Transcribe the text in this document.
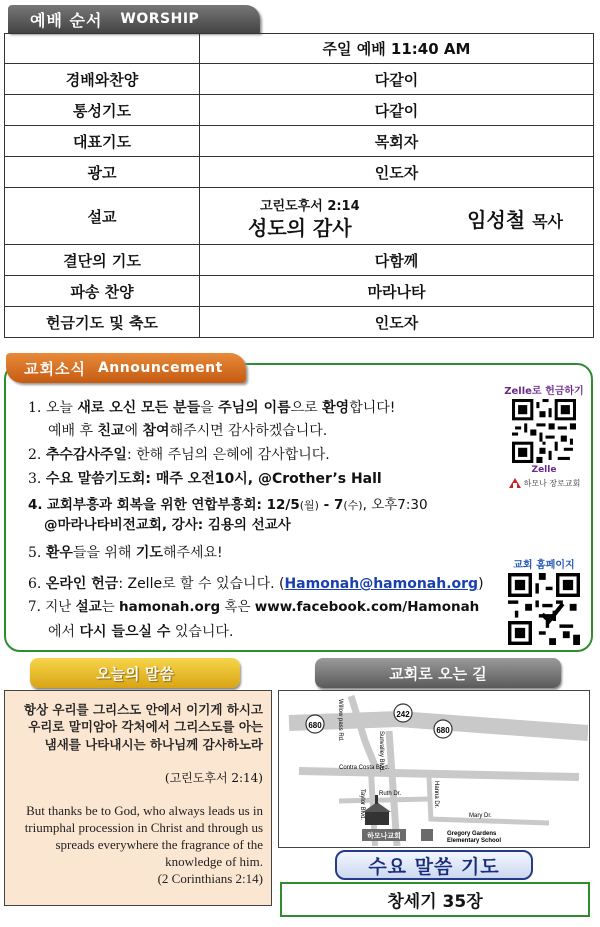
예배 순서 WORSHIP
	주일 예배 11:40 AM
경배와찬양	다같이
통성기도	다같이
대표기도	목회자
광고	인도자
설교	고린도후서 2:14
성도의 감사 임성철 목사

결단의 기도	다함께
파송 찬양	마라나타
헌금기도 및 축도	인도자
교회소식 Announcement
1. 오늘 새로 오신 모든 분들을 주님의 이름으로 환영합니다!
예배 후 친교에 참여해주시면 감사하겠습니다.
2. 추수감사주일: 한해 주님의 은혜에 감사합니다.
3. 수요 말씀기도회: 매주 오전10시, @Crother’s Hall
4. 교회부흥과 회복을 위한 연합부흥회: 12/5(월) - 7(수), 오후7:30
@마라나타비전교회, 강사: 김용의 선교사
5. 환우들을 위해 기도해주세요!
6. 온라인 헌금: Zelle로 할 수 있습니다. (Hamonah@hamonah.org)
7. 지난 설교는 hamonah.org 혹은 www.facebook.com/Hamonah
에서 다시 들으실 수 있습니다.
Zelle로 헌금하기
Zelle
하모나 장로교회
교회 홈페이지
오늘의 말씀
항상 우리를 그리스도 안에서 이기게 하시고 우리로 말미암아 각처에서 그리스도를 아는 냄새를 나타내시는 하나님께 감사하노라
(고린도후서 2:14)
But thanks be to God, who always leads us in triumphal procession in Christ and through us spreads everywhere the fragrance of the knowledge of him.
(2 Corinthians 2:14)
교회로 오는 길
680
242
680
Willow pass Rd.
Sunvalley Blvd.
Contra Costa Blvd.
Ruth Dr.
Taylor Blvd.	Hanna Dr.
Mary Dr.
하모나교회	Gregory Gardens
Elementary School
수요 말씀 기도
창세기 35장
